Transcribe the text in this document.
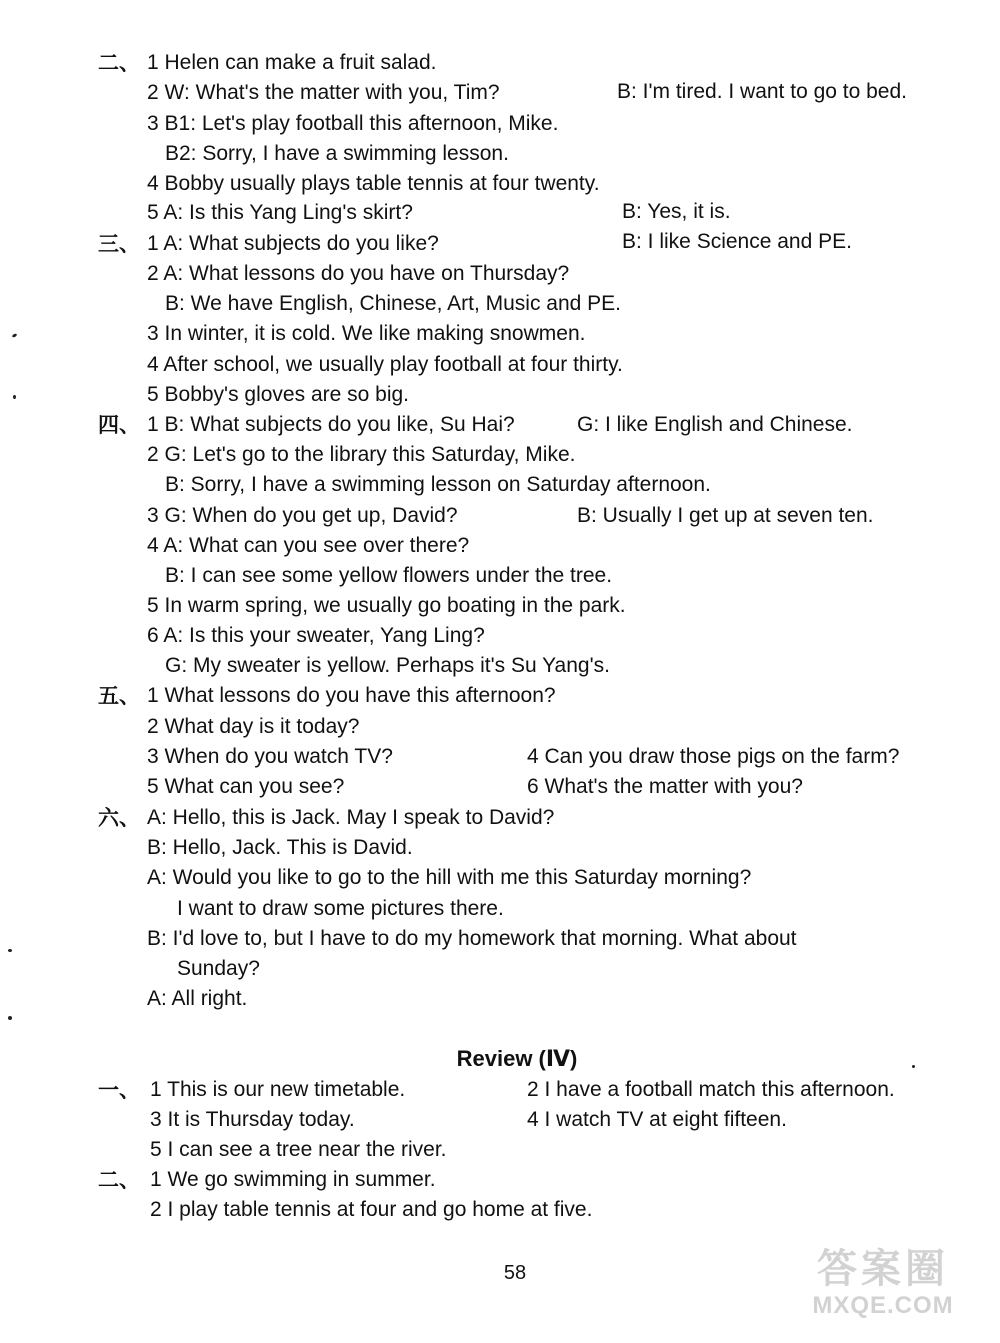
二、 1 Helen can make a fruit salad.
2 W: What's the matter with you, Tim?	B: I'm tired. I want to go to bed.
3 B1: Let's play football this afternoon, Mike.
B2: Sorry, I have a swimming lesson.
4 Bobby usually plays table tennis at four twenty.
5 A: Is this Yang Ling's skirt?	B: Yes, it is.
三、 1 A: What subjects do you like?	B: I like Science and PE.
2 A: What lessons do you have on Thursday?
B: We have English, Chinese, Art, Music and PE.
3 In winter, it is cold. We like making snowmen.
4 After school, we usually play football at four thirty.
5 Bobby's gloves are so big.
四、 1 B: What subjects do you like, Su Hai?	G: I like English and Chinese.
2 G: Let's go to the library this Saturday, Mike.
B: Sorry, I have a swimming lesson on Saturday afternoon.
3 G: When do you get up, David?	B: Usually I get up at seven ten.
4 A: What can you see over there?
B: I can see some yellow flowers under the tree.
5 In warm spring, we usually go boating in the park.
6 A: Is this your sweater, Yang Ling?
G: My sweater is yellow. Perhaps it's Su Yang's.
五、 1 What lessons do you have this afternoon?
2 What day is it today?
3 When do you watch TV?	4 Can you draw those pigs on the farm?
5 What can you see?	6 What's the matter with you?
六、 A: Hello, this is Jack. May I speak to David?
B: Hello, Jack. This is David.
A: Would you like to go to the hill with me this Saturday morning?
I want to draw some pictures there.
B: I'd love to, but I have to do my homework that morning. What about
Sunday?
A: All right.
Review (Ⅳ)
一、 1 This is our new timetable.	2 I have a football match this afternoon.
3 It is Thursday today.	4 I watch TV at eight fifteen.
5 I can see a tree near the river.
二、 1 We go swimming in summer.
2 I play table tennis at four and go home at five.
58	答案圈
MXQE.COM
